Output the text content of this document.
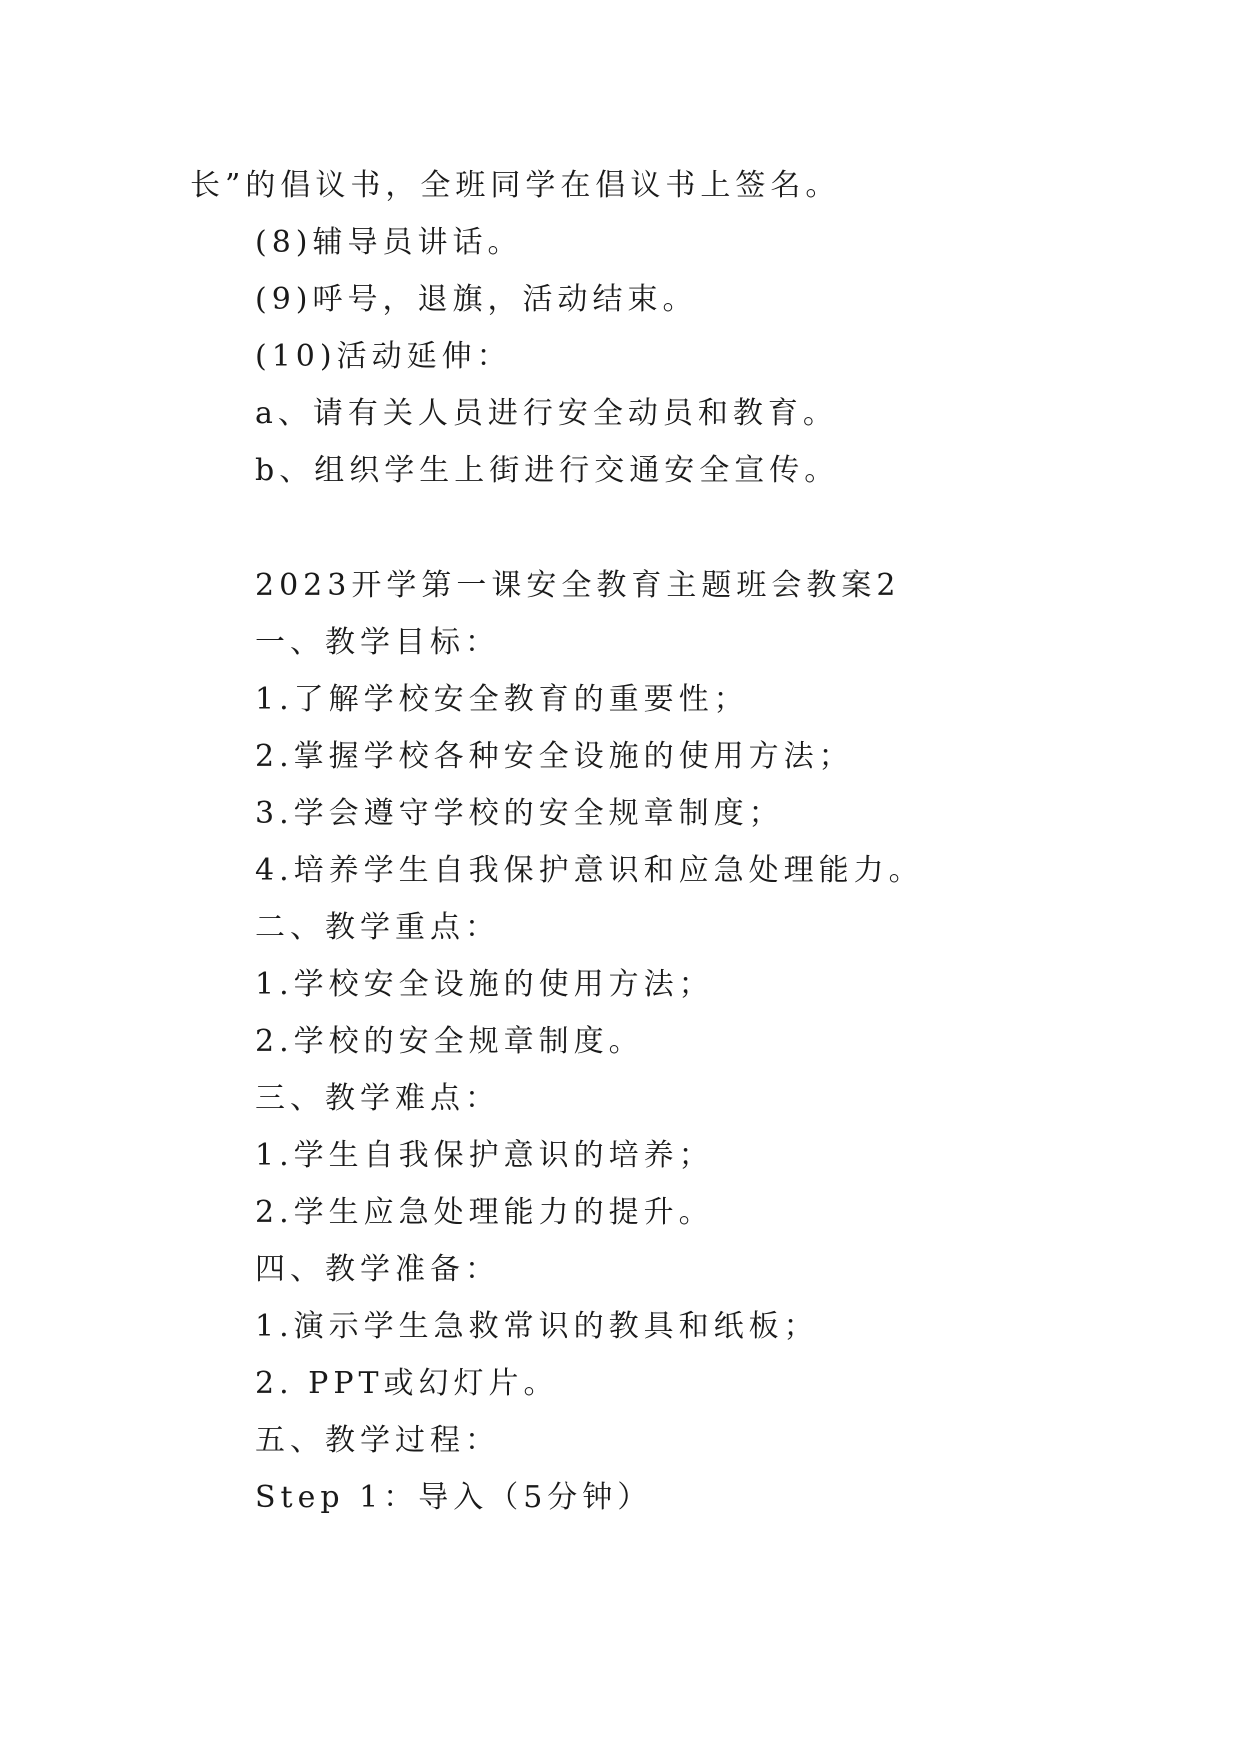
长”的倡议书，全班同学在倡议书上签名。
(8)辅导员讲话。
(9)呼号，退旗，活动结束。
(10)活动延伸：
a、请有关人员进行安全动员和教育。
b、组织学生上街进行交通安全宣传。
2023开学第一课安全教育主题班会教案2
一、教学目标：
1.了解学校安全教育的重要性；
2.掌握学校各种安全设施的使用方法；
3.学会遵守学校的安全规章制度；
4.培养学生自我保护意识和应急处理能力。
二、教学重点：
1.学校安全设施的使用方法；
2.学校的安全规章制度。
三、教学难点：
1.学生自我保护意识的培养；
2.学生应急处理能力的提升。
四、教学准备：
1.演示学生急救常识的教具和纸板；
2. PPT或幻灯片。
五、教学过程：
Step 1：导入（5分钟）
